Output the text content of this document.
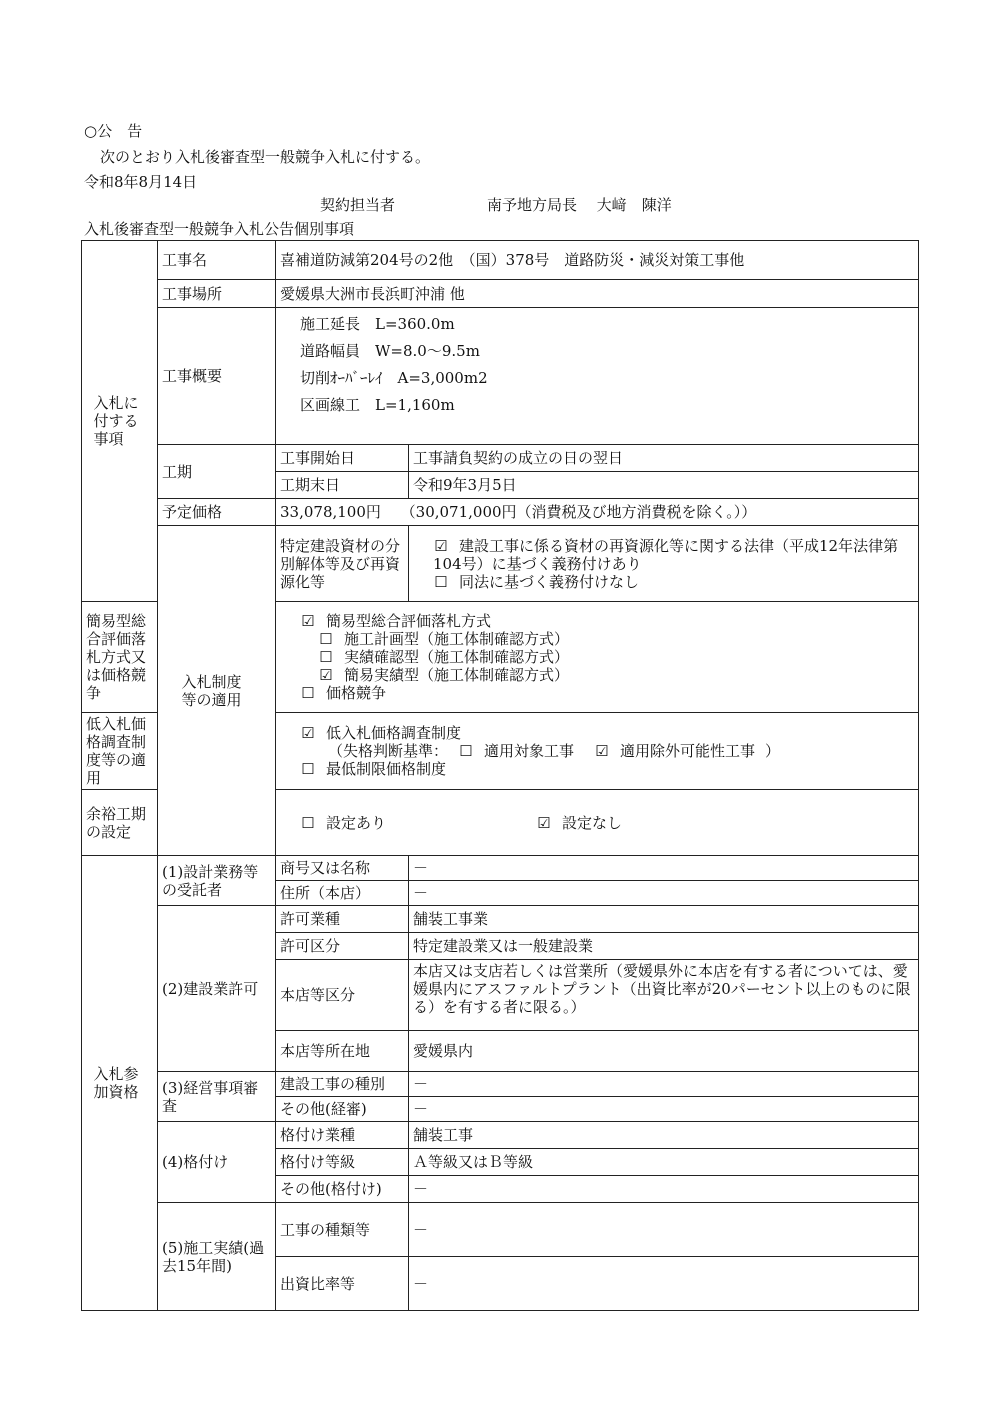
○公　告
次のとおり入札後審査型一般競争入札に付する。
令和8年8月14日
契約担当者	南予地方局長　 大﨑　陳洋
入札後審査型一般競争入札公告個別事項
入札に付する事項	工事名	喜補道防減第204号の2他　（国）378号　道路防災・減災対策工事他	
	工事場所	愛媛県大洲市長浜町沖浦 他	
	工事概要	施工延長　L=360.0m
道路幅員　W=8.0～9.5m
切削ｵｰﾊﾞｰﾚｲ　A=3,000m2
区画線工　L=1,160m	

	工期	工事開始日	工事請負契約の成立の日の翌日
		工期末日	令和9年3月5日
	予定価格	33,078,100円　 （30,071,000円（消費税及び地方消費税を除く。））	
	入札制度等の適用	特定建設資材の分別解体等及び再資源化等	☑ 建設工事に係る資材の再資源化等に関する法律（平成12年法律第104号）に基づく義務付けあり
☐ 同法に基づく義務付けなし

簡易型総合評価落札方式又は価格競争		☑ 簡易型総合評価落札方式
☐ 施工計画型（施工体制確認方式）
☐ 実績確認型（施工体制確認方式）
☑ 簡易実績型（施工体制確認方式）
☐ 価格競争	

低入札価格調査制度等の適用		☑ 低入札価格調査制度
（失格判断基準： ☐ 適用対象工事 ☑ 適用除外可能性工事 ）
☐ 最低制限価格制度	

余裕工期の設定		☐ 設定あり ☑ 設定なし	

入札参加資格	(1)設計業務等の受託者	商号又は名称	－
		住所（本店）	－
	(2)建設業許可	許可業種	舗装工事業
		許可区分	特定建設業又は一般建設業
		本店等区分	本店又は支店若しくは営業所（愛媛県外に本店を有する者については、愛媛県内にアスファルトプラント（出資比率が20パーセント以上のものに限る）を有する者に限る。）
		本店等所在地	愛媛県内
	(3)経営事項審査	建設工事の種別	－
		その他(経審)	－
	(4)格付け	格付け業種	舗装工事
		格付け等級	Ａ等級又はＢ等級
		その他(格付け)	－
	(5)施工実績(過去15年間)	工事の種類等	－
		出資比率等	－
